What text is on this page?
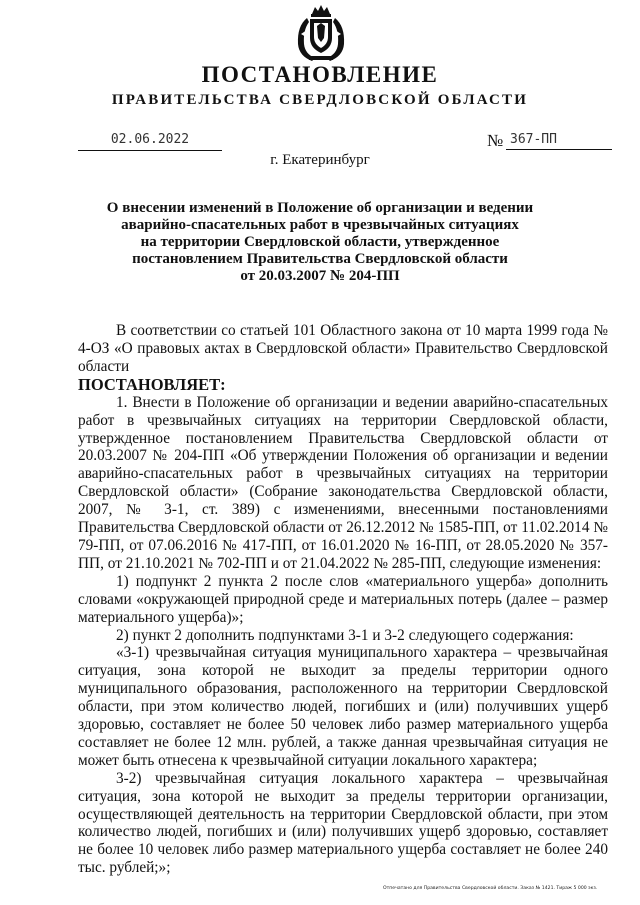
ПОСТАНОВЛЕНИЕ
ПРАВИТЕЛЬСТВА СВЕРДЛОВСКОЙ ОБЛАСТИ
02.06.2022	№ 367-ПП
г. Екатеринбург
О внесении изменений в Положение об организации и ведении
аварийно-спасательных работ в чрезвычайных ситуациях
на территории Свердловской области, утвержденное
постановлением Правительства Свердловской области
от 20.03.2007 № 204-ПП

В соответствии со статьей 101 Областного закона от 10 марта 1999 года № 4-ОЗ «О правовых актах в Свердловской области» Правительство Свердловской области

ПОСТАНОВЛЯЕТ:

1. Внести в Положение об организации и ведении аварийно-спасательных работ в чрезвычайных ситуациях на территории Свердловской области, утвержденное постановлением Правительства Свердловской области от 20.03.2007 № 204-ПП «Об утверждении Положения об организации и ведении аварийно-спасательных работ в чрезвычайных ситуациях на территории Свердловской области» (Собрание законодательства Свердловской области, 2007, № 3-1, ст. 389) с изменениями, внесенными постановлениями Правительства Свердловской области от 26.12.2012 № 1585-ПП, от 11.02.2014 № 79-ПП, от 07.06.2016 № 417-ПП, от 16.01.2020 № 16-ПП, от 28.05.2020 № 357-ПП, от 21.10.2021 № 702-ПП и от 21.04.2022 № 285-ПП, следующие изменения:

1) подпункт 2 пункта 2 после слов «материального ущерба» дополнить словами «окружающей природной среде и материальных потерь (далее – размер материального ущерба)»;

2) пункт 2 дополнить подпунктами 3-1 и 3-2 следующего содержания:

«3-1) чрезвычайная ситуация муниципального характера – чрезвычайная ситуация, зона которой не выходит за пределы территории одного муниципального образования, расположенного на территории Свердловской области, при этом количество людей, погибших и (или) получивших ущерб здоровью, составляет не более 50 человек либо размер материального ущерба составляет не более 12 млн. рублей, а также данная чрезвычайная ситуация не может быть отнесена к чрезвычайной ситуации локального характера;

3-2) чрезвычайная ситуация локального характера – чрезвычайная ситуация, зона которой не выходит за пределы территории организации, осуществляющей деятельность на территории Свердловской области, при этом количество людей, погибших и (или) получивших ущерб здоровью, составляет не более 10 человек либо размер материального ущерба составляет не более 240 тыс. рублей;»;

Отпечатано для Правительства Свердловской области. Заказ № 1421. Тираж 5 000 экз.
